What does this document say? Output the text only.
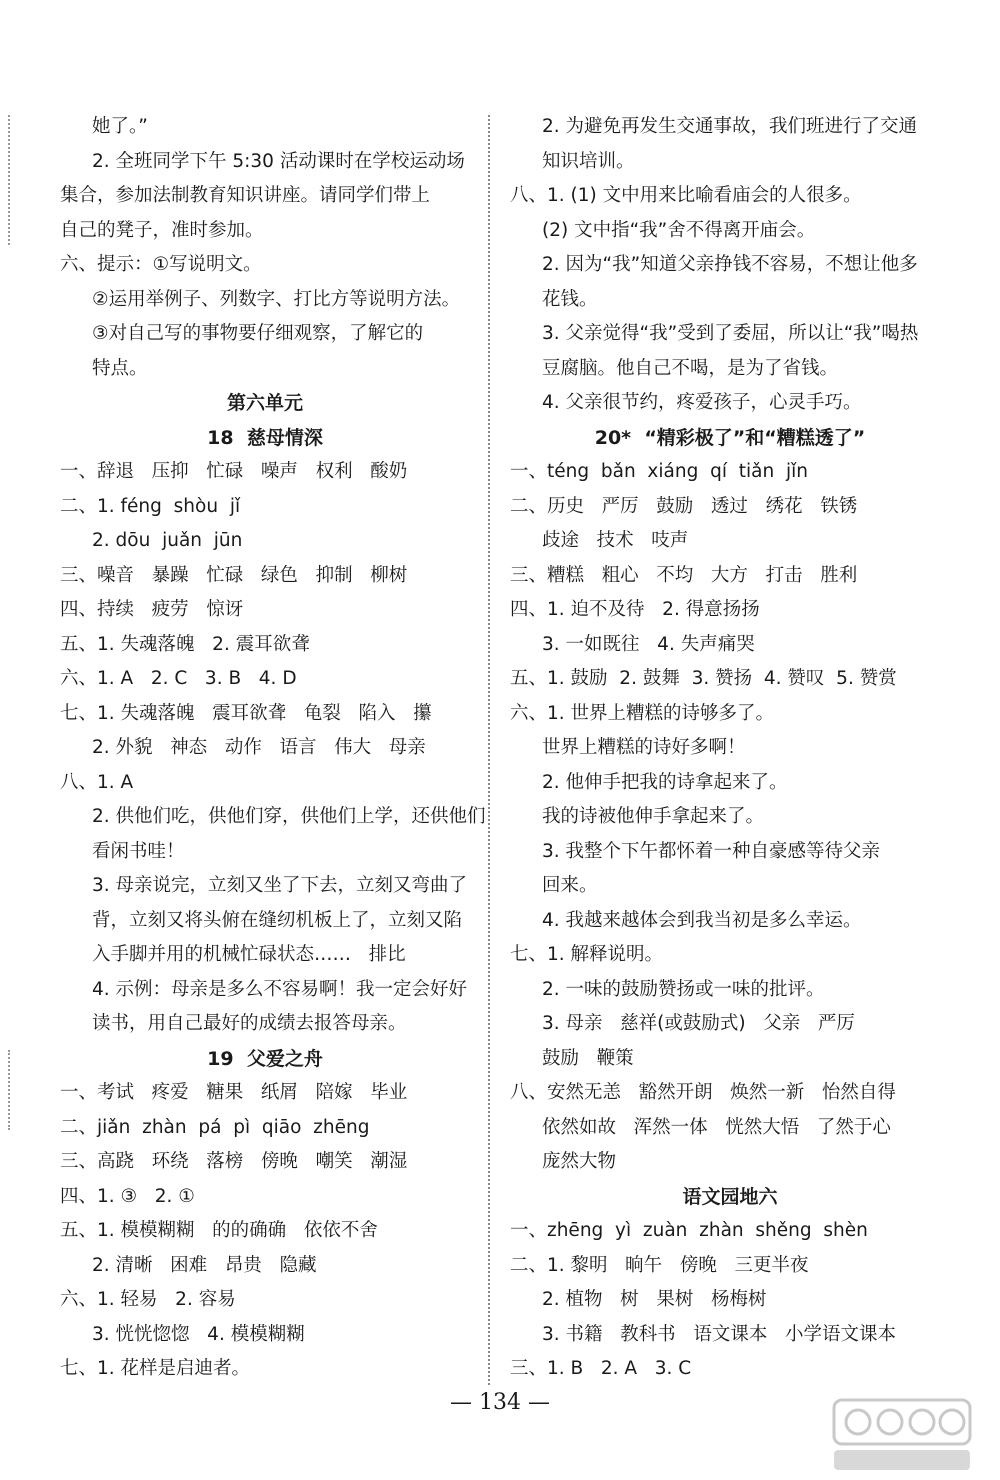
她了。”
2. 全班同学下午 5:30 活动课时在学校运动场
集合，参加法制教育知识讲座。请同学们带上
自己的凳子，准时参加。
六、提示：①写说明文。
②运用举例子、列数字、打比方等说明方法。
③对自己写的事物要仔细观察，了解它的
特点。
第六单元
18  慈母情深
一、辞退   压抑   忙碌   噪声   权利   酸奶
二、1. féng  shòu  jǐ
2. dōu  juǎn  jūn
三、噪音   暴躁   忙碌   绿色   抑制   柳树
四、持续   疲劳   惊讶
五、1. 失魂落魄   2. 震耳欲聋
六、1. A   2. C   3. B   4. D
七、1. 失魂落魄   震耳欲聋   龟裂   陷入   攥
2. 外貌   神态   动作   语言   伟大   母亲
八、1. A
2. 供他们吃，供他们穿，供他们上学，还供他们
看闲书哇！
3. 母亲说完，立刻又坐了下去，立刻又弯曲了
背，立刻又将头俯在缝纫机板上了，立刻又陷
入手脚并用的机械忙碌状态……   排比
4. 示例：母亲是多么不容易啊！我一定会好好
读书，用自己最好的成绩去报答母亲。
19  父爱之舟
一、考试   疼爱   糖果   纸屑   陪嫁   毕业
二、jiǎn  zhàn  pá  pì  qiāo  zhēng
三、高跷   环绕   落榜   傍晚   嘲笑   潮湿
四、1. ③   2. ①
五、1. 模模糊糊   的的确确   依依不舍
2. 清晰   困难   昂贵   隐藏
六、1. 轻易   2. 容易
3. 恍恍惚惚   4. 模模糊糊
七、1. 花样是启迪者。
2. 为避免再发生交通事故，我们班进行了交通
知识培训。
八、1. (1) 文中用来比喻看庙会的人很多。
(2) 文中指“我”舍不得离开庙会。
2. 因为“我”知道父亲挣钱不容易，不想让他多
花钱。
3. 父亲觉得“我”受到了委屈，所以让“我”喝热
豆腐脑。他自己不喝，是为了省钱。
4. 父亲很节约，疼爱孩子，心灵手巧。
20*  “精彩极了”和“糟糕透了”
一、téng  bǎn  xiáng  qí  tiǎn  jǐn
二、历史   严厉   鼓励   透过   绣花   铁锈
歧途   技术   吱声
三、糟糕   粗心   不均   大方   打击   胜利
四、1. 迫不及待   2. 得意扬扬
3. 一如既往   4. 失声痛哭
五、1. 鼓励  2. 鼓舞  3. 赞扬  4. 赞叹  5. 赞赏
六、1. 世界上糟糕的诗够多了。
世界上糟糕的诗好多啊！
2. 他伸手把我的诗拿起来了。
我的诗被他伸手拿起来了。
3. 我整个下午都怀着一种自豪感等待父亲
回来。
4. 我越来越体会到我当初是多么幸运。
七、1. 解释说明。
2. 一味的鼓励赞扬或一味的批评。
3. 母亲   慈祥(或鼓励式)   父亲   严厉
鼓励   鞭策
八、安然无恙   豁然开朗   焕然一新   怡然自得
依然如故   浑然一体   恍然大悟   了然于心
庞然大物
语文园地六
一、zhēng  yì  zuàn  zhàn  shěng  shèn
二、1. 黎明   晌午   傍晚   三更半夜
2. 植物   树   果树   杨梅树
3. 书籍   教科书   语文课本   小学语文课本
三、1. B   2. A   3. C
— 134 —
